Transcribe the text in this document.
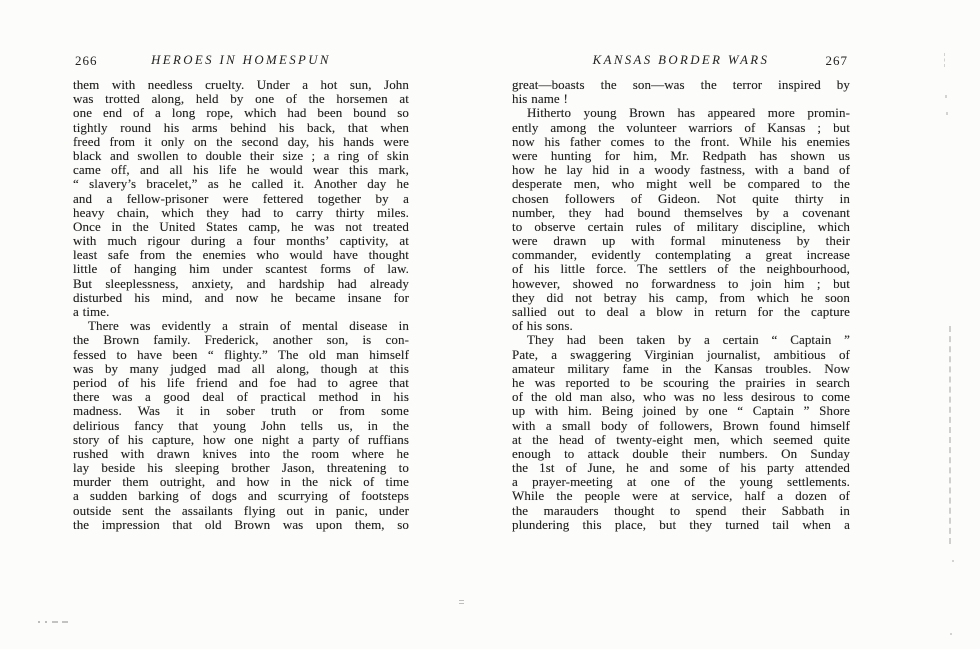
266	HEROES IN HOMESPUN
them with needless cruelty. Under a hot sun, John
was trotted along, held by one of the horsemen at
one end of a long rope, which had been bound so
tightly round his arms behind his back, that when
freed from it only on the second day, his hands were
black and swollen to double their size ; a ring of skin
came off, and all his life he would wear this mark,
“ slavery’s bracelet,” as he called it. Another day he
and a fellow-prisoner were fettered together by a
heavy chain, which they had to carry thirty miles.
Once in the United States camp, he was not treated
with much rigour during a four months’ captivity, at
least safe from the enemies who would have thought
little of hanging him under scantest forms of law.
But sleeplessness, anxiety, and hardship had already
disturbed his mind, and now he became insane for
a time.
There was evidently a strain of mental disease in
the Brown family. Frederick, another son, is con-
fessed to have been “ flighty.” The old man himself
was by many judged mad all along, though at this
period of his life friend and foe had to agree that
there was a good deal of practical method in his
madness. Was it in sober truth or from some
delirious fancy that young John tells us, in the
story of his capture, how one night a party of ruffians
rushed with drawn knives into the room where he
lay beside his sleeping brother Jason, threatening to
murder them outright, and how in the nick of time
a sudden barking of dogs and scurrying of footsteps
outside sent the assailants flying out in panic, under
the impression that old Brown was upon them, so
267
KANSAS BORDER WARS
great—boasts the son—was the terror inspired by
his name !
Hitherto young Brown has appeared more promin-
ently among the volunteer warriors of Kansas ; but
now his father comes to the front. While his enemies
were hunting for him, Mr. Redpath has shown us
how he lay hid in a woody fastness, with a band of
desperate men, who might well be compared to the
chosen followers of Gideon. Not quite thirty in
number, they had bound themselves by a covenant
to observe certain rules of military discipline, which
were drawn up with formal minuteness by their
commander, evidently contemplating a great increase
of his little force. The settlers of the neighbourhood,
however, showed no forwardness to join him ; but
they did not betray his camp, from which he soon
sallied out to deal a blow in return for the capture
of his sons.
They had been taken by a certain “ Captain ”
Pate, a swaggering Virginian journalist, ambitious of
amateur military fame in the Kansas troubles. Now
he was reported to be scouring the prairies in search
of the old man also, who was no less desirous to come
up with him. Being joined by one “ Captain ” Shore
with a small body of followers, Brown found himself
at the head of twenty-eight men, which seemed quite
enough to attack double their numbers. On Sunday
the 1st of June, he and some of his party attended
a prayer-meeting at one of the young settlements.
While the people were at service, half a dozen of
the marauders thought to spend their Sabbath in
plundering this place, but they turned tail when a
